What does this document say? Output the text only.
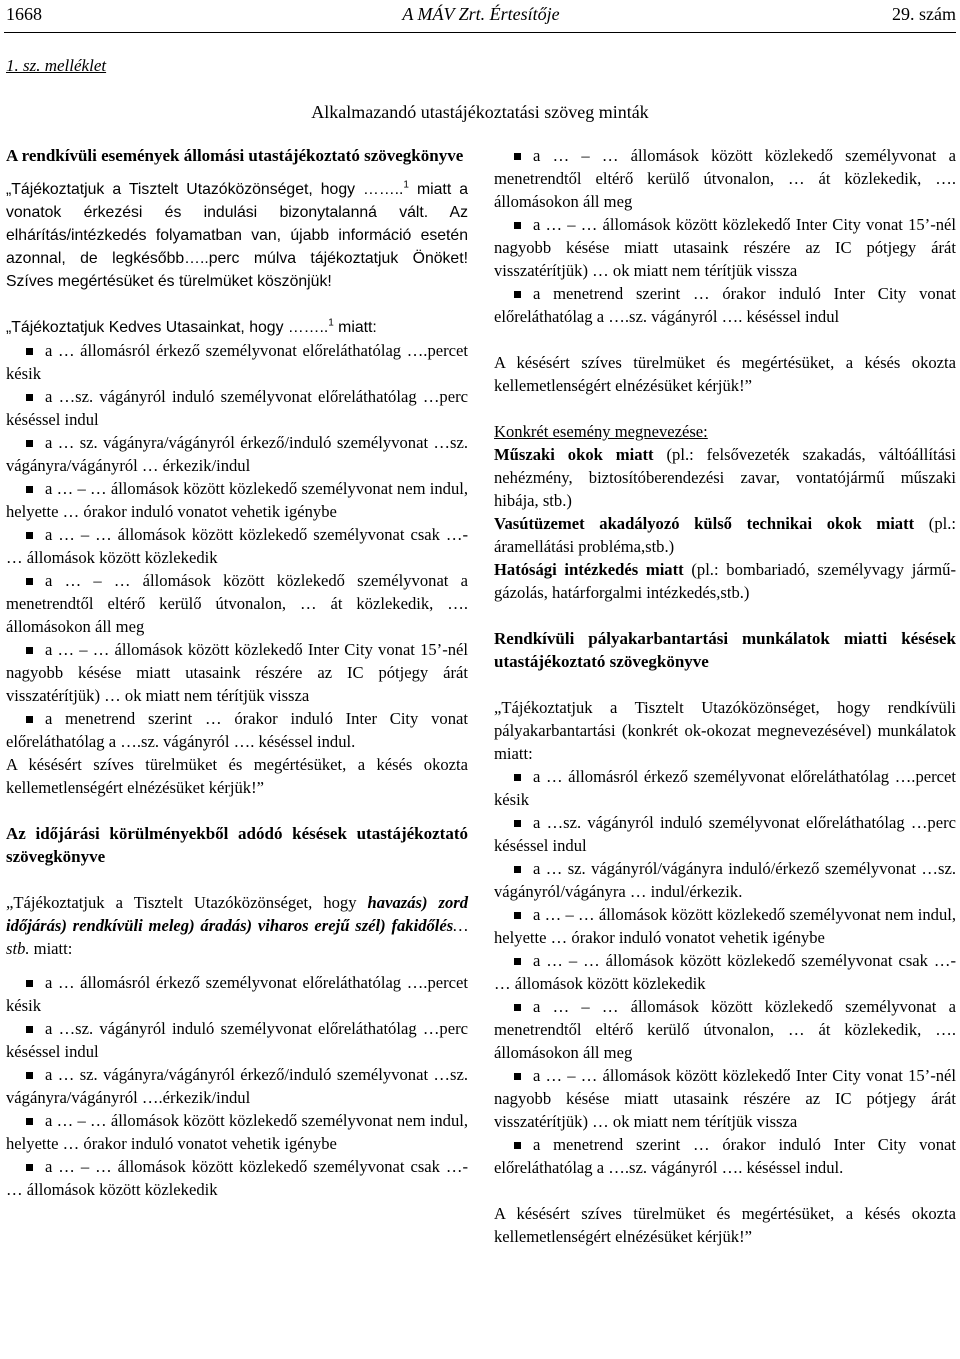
1668	A MÁV Zrt. Értesítője	29. szám
1. sz. melléklet
Alkalmazandó utastájékoztatási szöveg minták

A rendkívüli események állomási utastájékoztató szövegkönyve

„Tájékoztatjuk a Tisztelt Utazóközönséget, hogy ……..$^1$ miatt a vonatok érkezési és indulási bizonytalanná vált. Az elhárítás/intézkedés folyamatban van, újabb információ esetén azonnal, de legkésőbb…..perc múlva tájékoztatjuk Önöket! Szíves megértésüket és türelmüket köszönjük!

„Tájékoztatjuk Kedves Utasainkat, hogy ……..$^1$ miatt:

a … állomásról érkező személyvonat előreláthatólag ….percet késik

a …sz. vágányról induló személyvonat előreláthatólag …perc késéssel indul

a … sz. vágányra/vágányról érkező/induló személyvonat …sz. vágányra/vágányról … érkezik/indul

a … – … állomások között közlekedő személyvonat nem indul, helyette … órakor induló vonatot vehetik igénybe

a … – … állomások között közlekedő személyvonat csak …- … állomások között közlekedik

a … – … állomások között közlekedő személyvonat a menetrendtől eltérő kerülő útvonalon, … át közlekedik, …. állomásokon áll meg

a … – … állomások között közlekedő Inter City vonat 15’-nél nagyobb késése miatt utasaink részére az IC pótjegy árát visszatérítjük) … ok miatt nem térítjük vissza

a menetrend szerint … órakor induló Inter City vonat előreláthatólag a ….sz. vágányról …. késéssel indul.

A késésért szíves türelmüket és megértésüket, a késés okozta kellemetlenségért elnézésüket kérjük!”

Az időjárási körülményekből adódó késések utastájékoztató szövegkönyve

„Tájékoztatjuk a Tisztelt Utazóközönséget, hogy havazás) zord időjárás) rendkívüli meleg) áradás) viharos erejű szél) fakidőlés… stb. miatt:

a … állomásról érkező személyvonat előreláthatólag ….percet késik

a …sz. vágányról induló személyvonat előreláthatólag …perc késéssel indul

a … sz. vágányra/vágányról érkező/induló személyvonat …sz. vágányra/vágányról ….érkezik/indul

a … – … állomások között közlekedő személyvonat nem indul, helyette … órakor induló vonatot vehetik igénybe

a … – … állomások között közlekedő személyvonat csak …- … állomások között közlekedik

a … – … állomások között közlekedő személyvonat a menetrendtől eltérő kerülő útvonalon, … át közlekedik, …. állomásokon áll meg

a … – … állomások között közlekedő Inter City vonat 15’-nél nagyobb késése miatt utasaink részére az IC pótjegy árát visszatérítjük) … ok miatt nem térítjük vissza

a menetrend szerint … órakor induló Inter City vonat előreláthatólag a ….sz. vágányról …. késéssel indul

A késésért szíves türelmüket és megértésüket, a késés okozta kellemetlenségért elnézésüket kérjük!”

Konkrét esemény megnevezése:

Műszaki okok miatt (pl.: felsővezeték szakadás, váltóállítási nehézmény, biztosítóberendezési zavar, vontatójármű műszaki hibája, stb.)

Vasútüzemet akadályozó külső technikai okok miatt (pl.: áramellátási probléma,stb.)

Hatósági intézkedés miatt (pl.: bombariadó, személyvagy jármű-gázolás, határforgalmi intézkedés,stb.)

Rendkívüli pályakarbantartási munkálatok miatti késések utastájékoztató szövegkönyve

„Tájékoztatjuk a Tisztelt Utazóközönséget, hogy rendkívüli pályakarbantartási (konkrét ok-okozat megnevezésével) munkálatok miatt:

a … állomásról érkező személyvonat előreláthatólag ….percet késik

a …sz. vágányról induló személyvonat előreláthatólag …perc késéssel indul

a … sz. vágányról/vágányra induló/érkező személyvonat …sz. vágányról/vágányra … indul/érkezik.

a … – … állomások között közlekedő személyvonat nem indul, helyette … órakor induló vonatot vehetik igénybe

a … – … állomások között közlekedő személyvonat csak …- … állomások között közlekedik

a … – … állomások között közlekedő személyvonat a menetrendtől eltérő kerülő útvonalon, … át közlekedik, …. állomásokon áll meg

a … – … állomások között közlekedő Inter City vonat 15’-nél nagyobb késése miatt utasaink részére az IC pótjegy árát visszatérítjük) … ok miatt nem térítjük vissza

a menetrend szerint … órakor induló Inter City vonat előreláthatólag a ….sz. vágányról …. késéssel indul.

A késésért szíves türelmüket és megértésüket, a késés okozta kellemetlenségért elnézésüket kérjük!”
